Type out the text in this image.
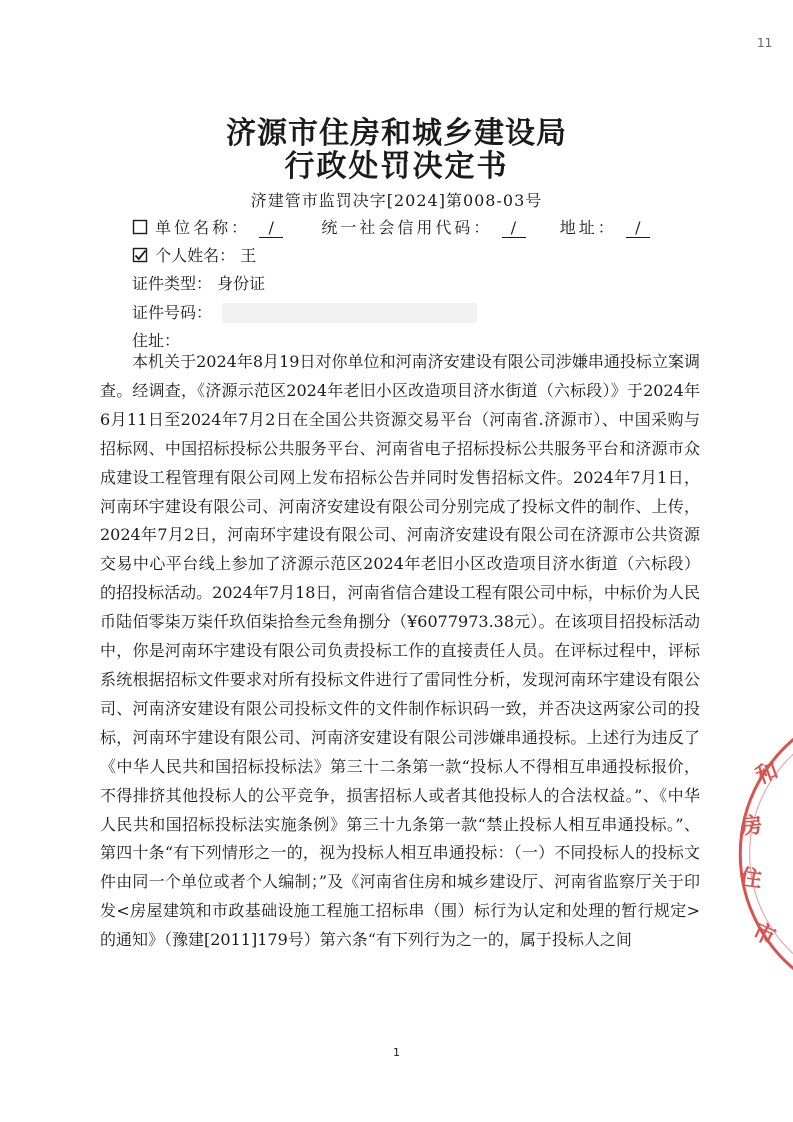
11
济源市住房和城乡建设局
行政处罚决定书
济建管市监罚决字[2024]第008-03号
单位名称： /	统一社会信用代码： /	地址： /
个人姓名： 王
证件类型： 身份证
证件号码：
住址：

本机关于2024年8月19日对你单位和河南济安建设有限公司涉嫌串通投标立案调查。经调查，《济源示范区2024年老旧小区改造项目济水街道（六标段）》于2024年6月11日至2024年7月2日在全国公共资源交易平台（河南省.济源市）、中国采购与招标网、中国招标投标公共服务平台、河南省电子招标投标公共服务平台和济源市众成建设工程管理有限公司网上发布招标公告并同时发售招标文件。2024年7月1日，河南环宇建设有限公司、河南济安建设有限公司分别完成了投标文件的制作、上传，2024年7月2日，河南环宇建设有限公司、河南济安建设有限公司在济源市公共资源交易中心平台线上参加了济源示范区2024年老旧小区改造项目济水街道（六标段）的招投标活动。2024年7月18日，河南省信合建设工程有限公司中标，中标价为人民币陆佰零柒万柒仟玖佰柒拾叁元叁角捌分（¥6077973.38元）。在该项目招投标活动中，你是河南环宇建设有限公司负责投标工作的直接责任人员。在评标过程中，评标系统根据招标文件要求对所有投标文件进行了雷同性分析，发现河南环宇建设有限公司、河南济安建设有限公司投标文件的文件制作标识码一致，并否决这两家公司的投标，河南环宇建设有限公司、河南济安建设有限公司涉嫌串通投标。上述行为违反了《中华人民共和国招标投标法》第三十二条第一款“投标人不得相互串通投标报价，不得排挤其他投标人的公平竞争，损害招标人或者其他投标人的合法权益。”、《中华人民共和国招标投标法实施条例》第三十九条第一款“禁止投标人相互串通投标。”、第四十条“有下列情形之一的，视为投标人相互串通投标：（一）不同投标人的投标文件由同一个单位或者个人编制；”及《河南省住房和城乡建设厅、河南省监察厅关于印发<房屋建筑和市政基础设施工程施工招标串（围）标行为认定和处理的暂行规定>的通知》（豫建[2011]179号）第六条“有下列行为之一的，属于投标人之间

和
房
住
市
1
